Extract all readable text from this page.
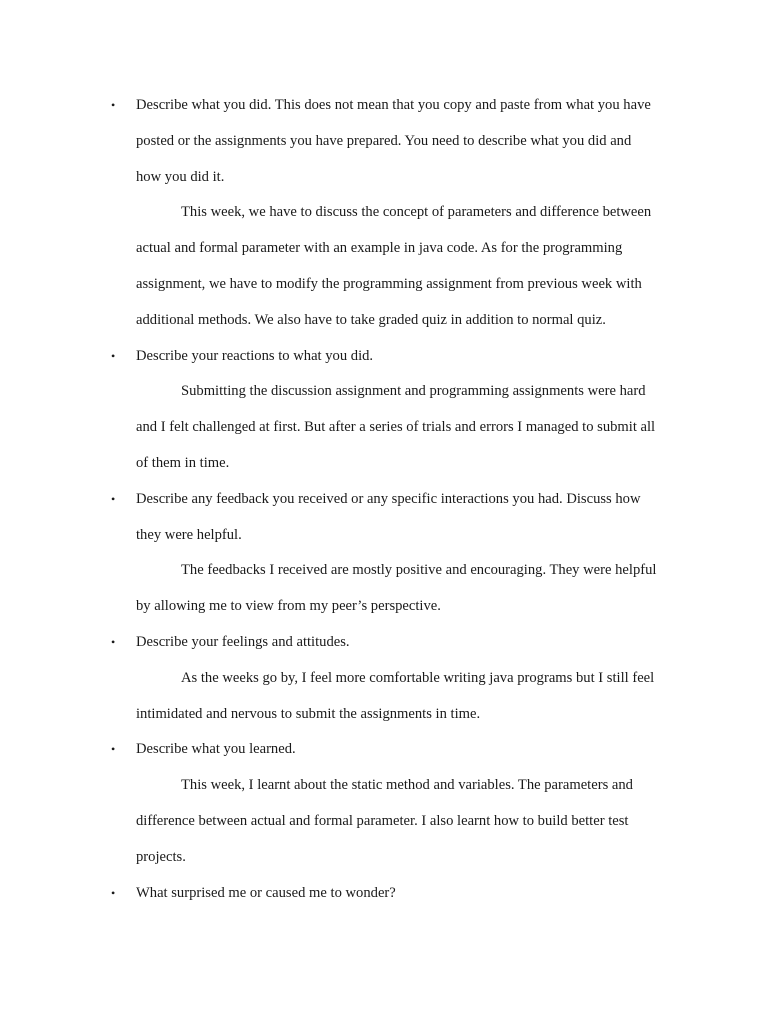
• Describe what you did. This does not mean that you copy and paste from what you have
posted or the assignments you have prepared. You need to describe what you did and
how you did it.
This week, we have to discuss the concept of parameters and difference between
actual and formal parameter with an example in java code. As for the programming
assignment, we have to modify the programming assignment from previous week with
additional methods. We also have to take graded quiz in addition to normal quiz.
• Describe your reactions to what you did.
Submitting the discussion assignment and programming assignments were hard
and I felt challenged at first. But after a series of trials and errors I managed to submit all
of them in time.
• Describe any feedback you received or any specific interactions you had. Discuss how
they were helpful.
The feedbacks I received are mostly positive and encouraging. They were helpful
by allowing me to view from my peer’s perspective.
• Describe your feelings and attitudes.
As the weeks go by, I feel more comfortable writing java programs but I still feel
intimidated and nervous to submit the assignments in time.
• Describe what you learned.
This week, I learnt about the static method and variables. The parameters and
difference between actual and formal parameter. I also learnt how to build better test
projects.
• What surprised me or caused me to wonder?
